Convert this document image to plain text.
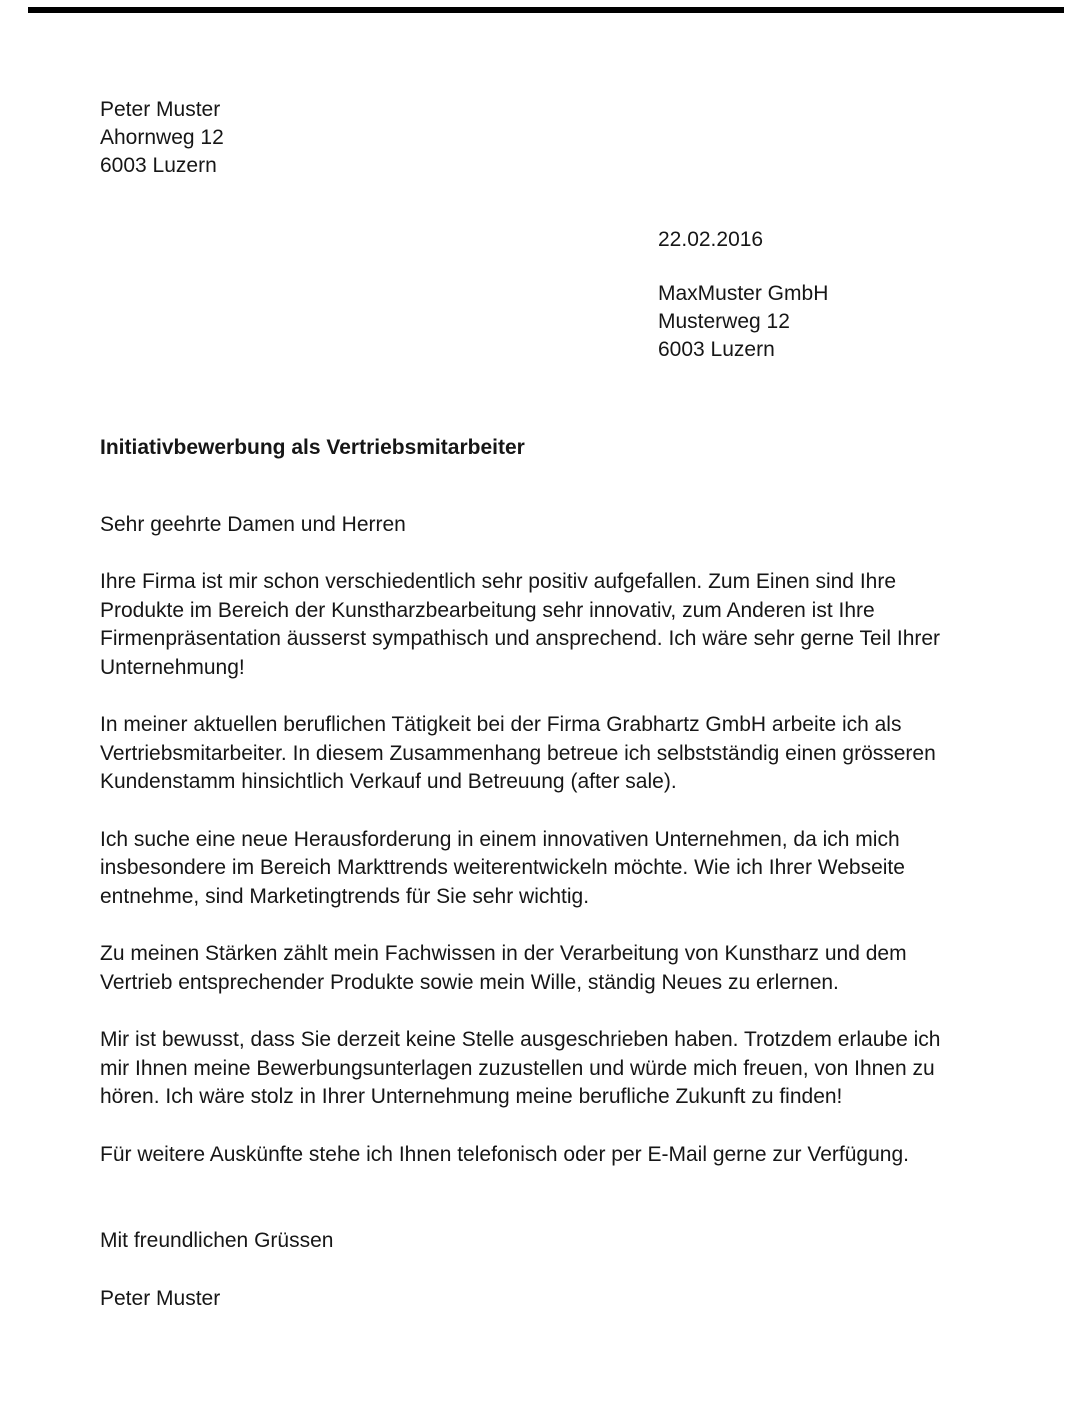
Peter Muster
Ahornweg 12
6003 Luzern
22.02.2016
MaxMuster GmbH
Musterweg 12
6003 Luzern
Initiativbewerbung als Vertriebsmitarbeiter
Sehr geehrte Damen und Herren
Ihre Firma ist mir schon verschiedentlich sehr positiv aufgefallen. Zum Einen sind Ihre Produkte im Bereich der Kunstharzbearbeitung sehr innovativ, zum Anderen ist Ihre Firmenpräsentation äusserst sympathisch und ansprechend. Ich wäre sehr gerne Teil Ihrer Unternehmung!
In meiner aktuellen beruflichen Tätigkeit bei der Firma Grabhartz GmbH arbeite ich als Vertriebsmitarbeiter. In diesem Zusammenhang betreue ich selbstständig einen grösseren Kundenstamm hinsichtlich Verkauf und Betreuung (after sale).
Ich suche eine neue Herausforderung in einem innovativen Unternehmen, da ich mich insbesondere im Bereich Markttrends weiterentwickeln möchte. Wie ich Ihrer Webseite entnehme, sind Marketingtrends für Sie sehr wichtig.
Zu meinen Stärken zählt mein Fachwissen in der Verarbeitung von Kunstharz und dem Vertrieb entsprechender Produkte sowie mein Wille, ständig Neues zu erlernen.
Mir ist bewusst, dass Sie derzeit keine Stelle ausgeschrieben haben. Trotzdem erlaube ich mir Ihnen meine Bewerbungsunterlagen zuzustellen und würde mich freuen, von Ihnen zu hören. Ich wäre stolz in Ihrer Unternehmung meine berufliche Zukunft zu finden!
Für weitere Auskünfte stehe ich Ihnen telefonisch oder per E-Mail gerne zur Verfügung.
Mit freundlichen Grüssen
Peter Muster
